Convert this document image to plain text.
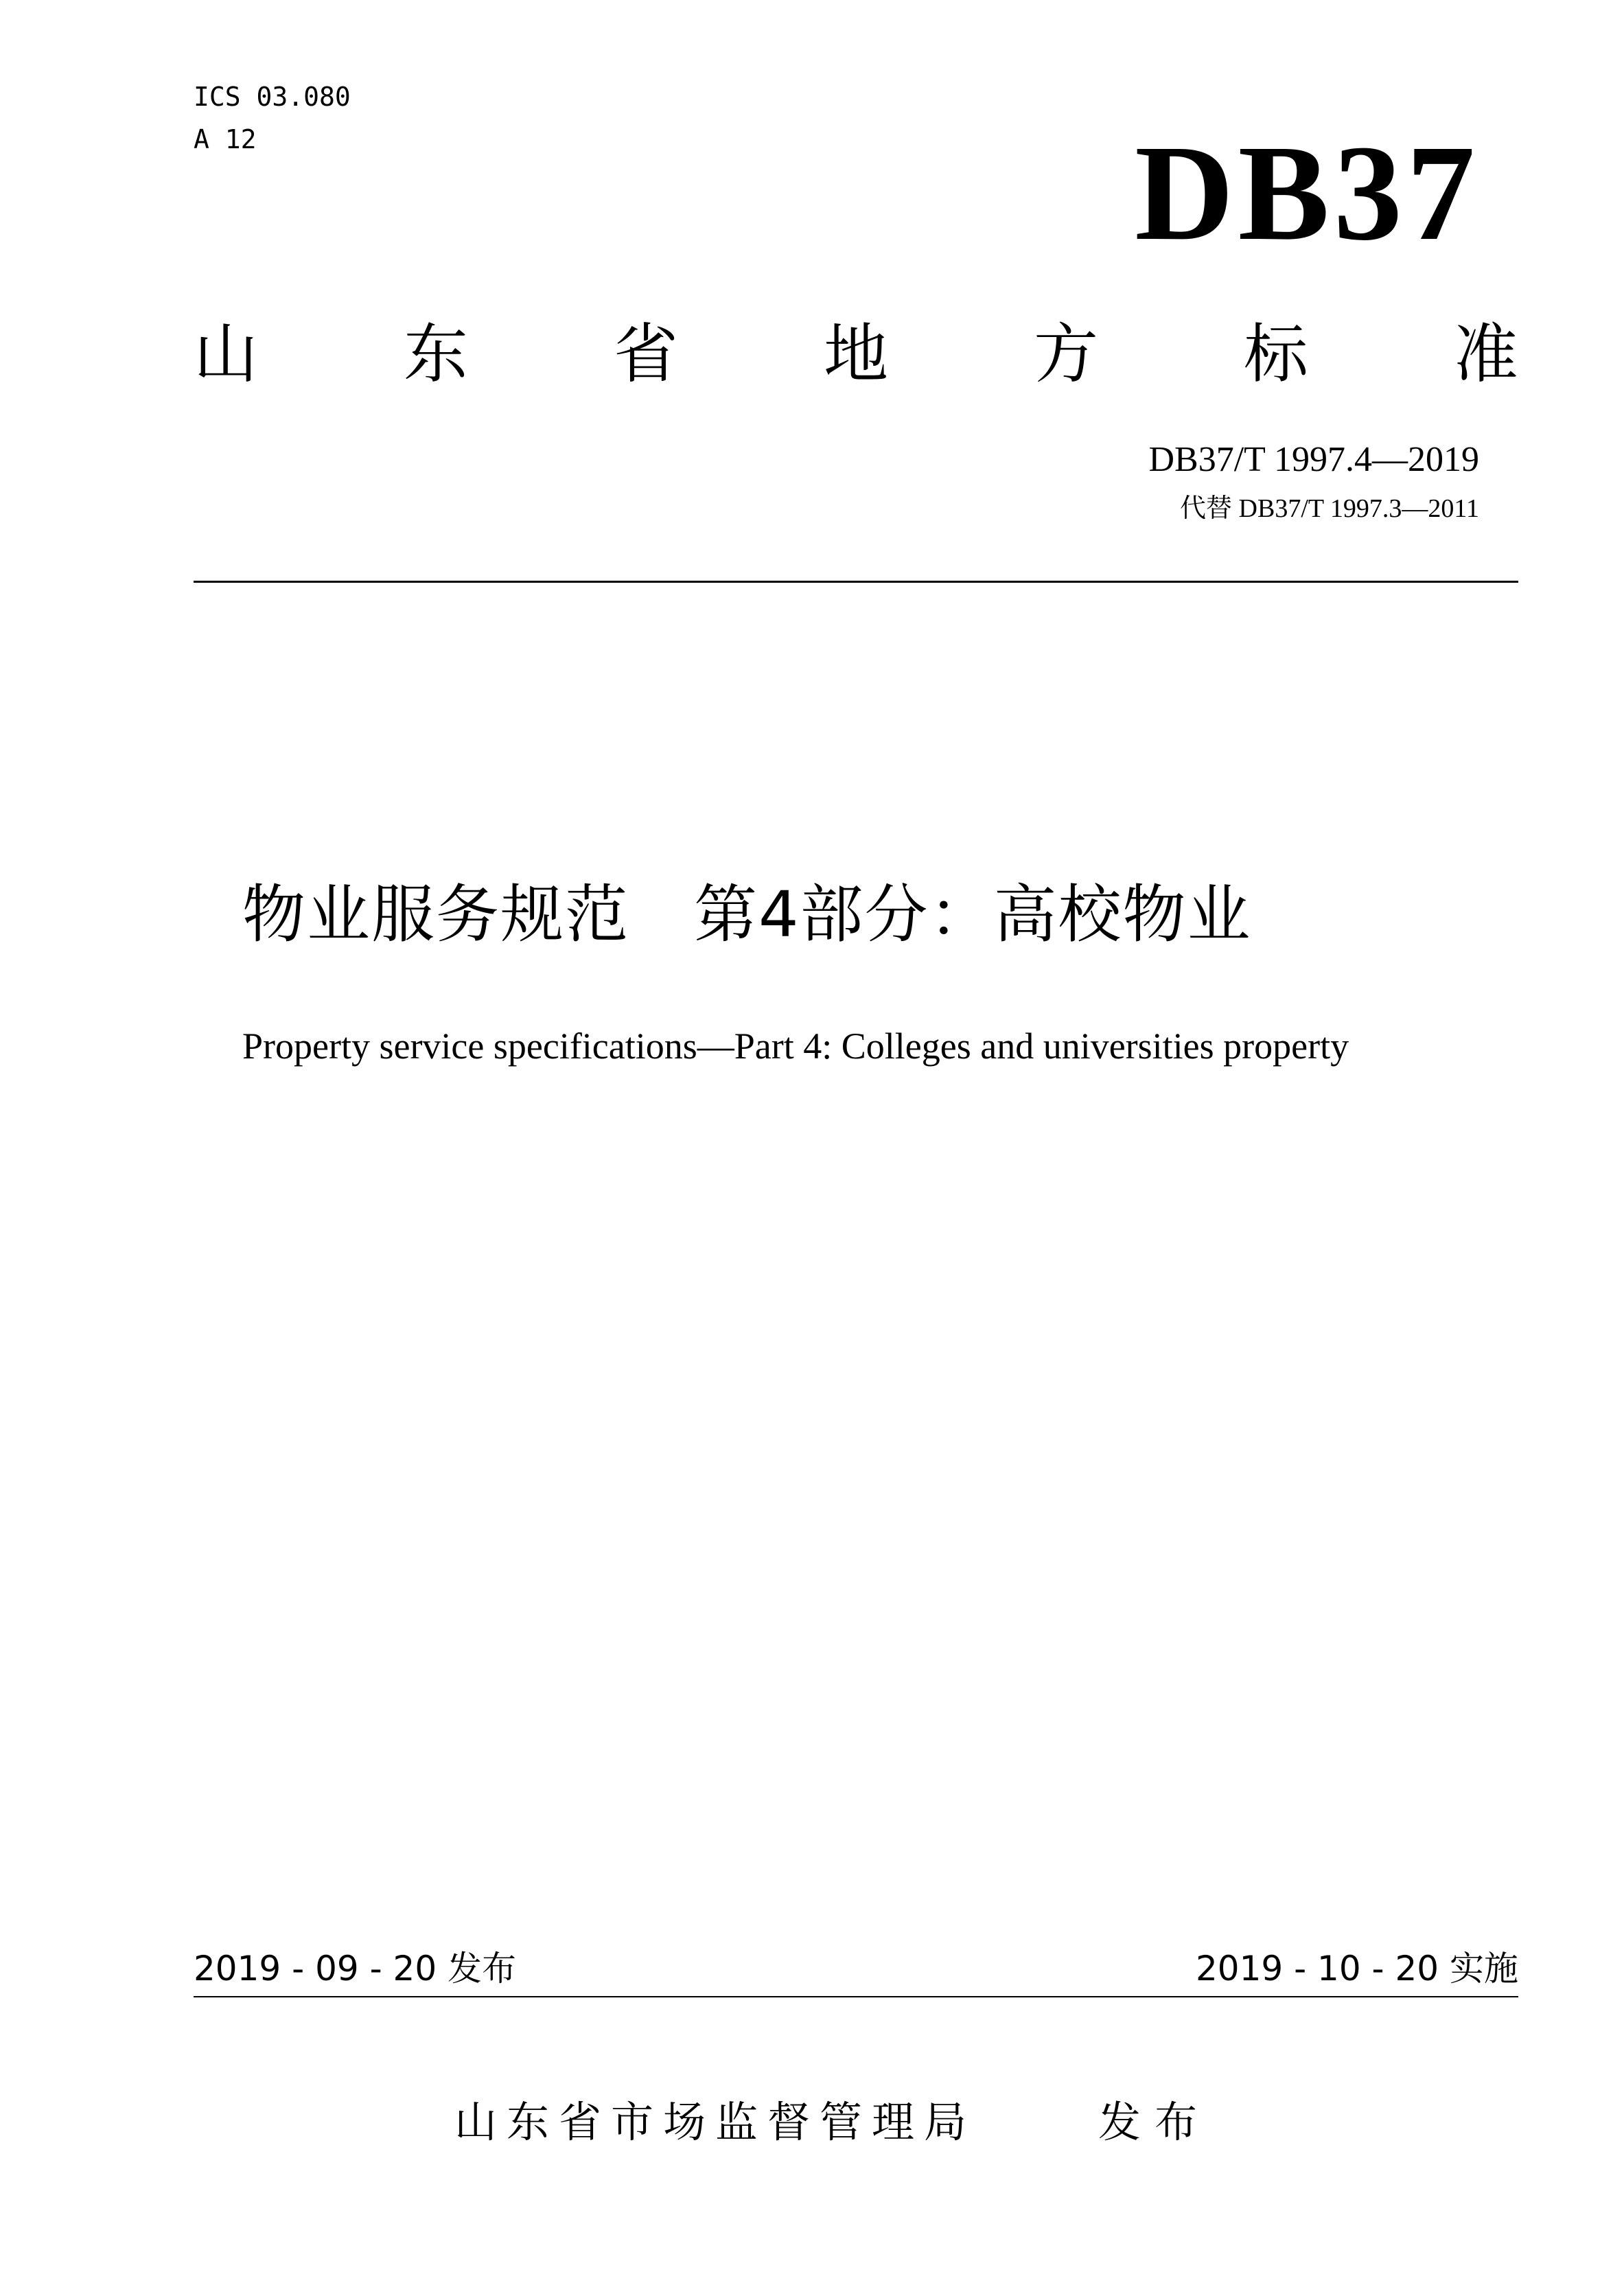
ICS 03.080
A 12	DB37
山 东 省 地 方 标 准
DB37/T 1997.4—2019
代替 DB37/T 1997.3—2011
物业服务规范　第4部分：高校物业
Property service specifications—Part 4: Colleges and universities property
2019 - 09 - 20 发布	2019 - 10 - 20 实施
山东省市场监督管理局	发布
